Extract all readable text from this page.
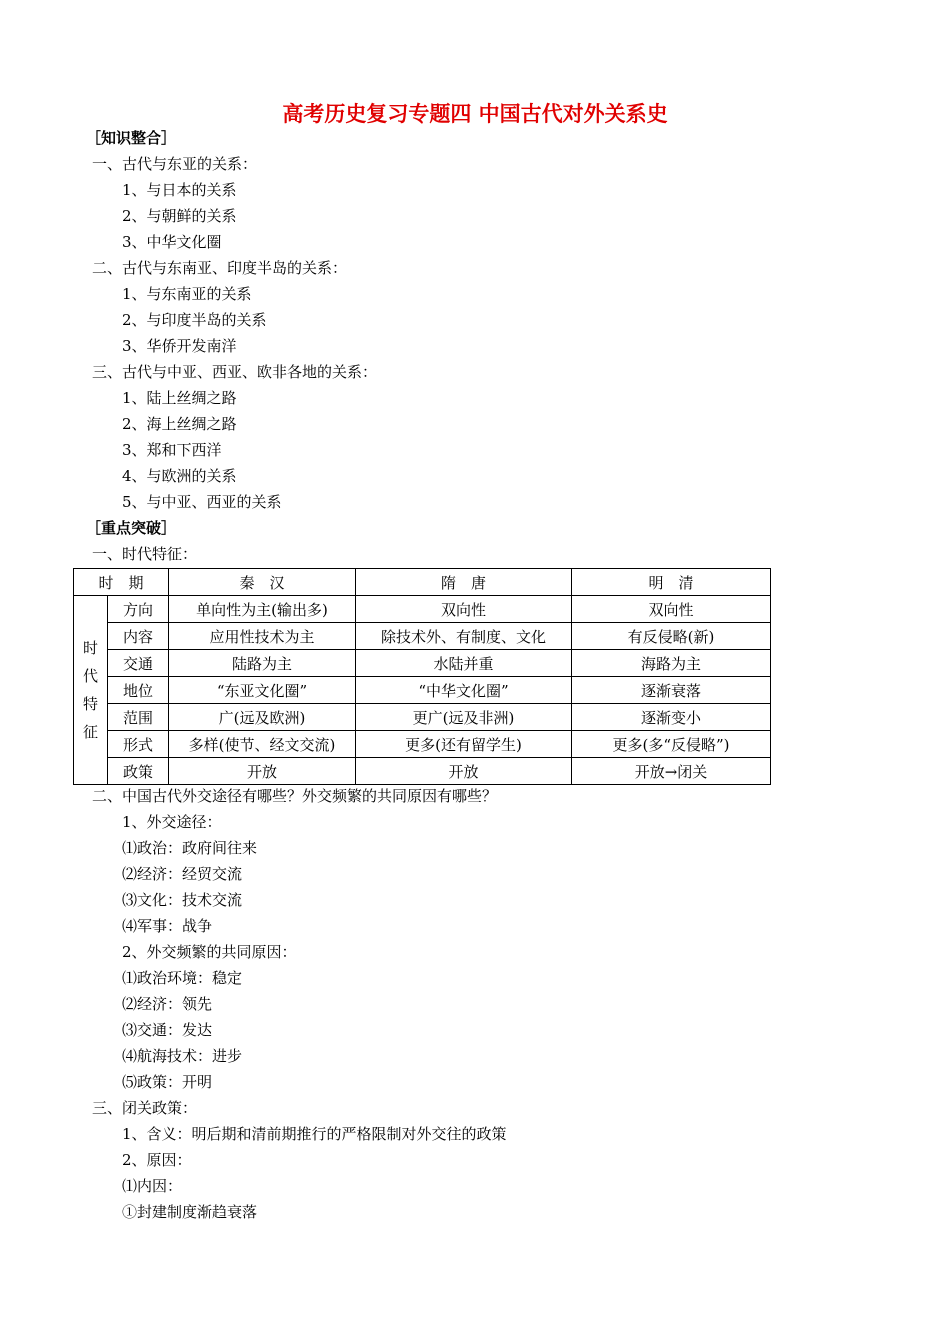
高考历史复习专题四 中国古代对外关系史
［知识整合］
一、古代与东亚的关系：
1、与日本的关系
2、与朝鲜的关系
3、中华文化圈
二、古代与东南亚、印度半岛的关系：
1、与东南亚的关系
2、与印度半岛的关系
3、华侨开发南洋
三、古代与中亚、西亚、欧非各地的关系：
1、陆上丝绸之路
2、海上丝绸之路
3、郑和下西洋
4、与欧洲的关系
5、与中亚、西亚的关系
［重点突破］
一、时代特征：
时　期		秦　汉	隋　唐	明　清

时
代
特
征	方向	单向性为主(输出多)	双向性	双向性
	内容	应用性技术为主	除技术外、有制度、文化	有反侵略(新)
	交通	陆路为主	水陆并重	海路为主
	地位	“东亚文化圈”	“中华文化圈”	逐渐衰落
	范围	广(远及欧洲)	更广(远及非洲)	逐渐变小
	形式	多样(使节、经文交流)	更多(还有留学生)	更多(多“反侵略”)
	政策	开放	开放	开放→闭关
二、中国古代外交途径有哪些？外交频繁的共同原因有哪些？
1、外交途径：
⑴政治：政府间往来
⑵经济：经贸交流
⑶文化：技术交流
⑷军事：战争
2、外交频繁的共同原因：
⑴政治环境：稳定
⑵经济：领先
⑶交通：发达
⑷航海技术：进步
⑸政策：开明
三、闭关政策：
1、含义：明后期和清前期推行的严格限制对外交往的政策
2、原因：
⑴内因：
①封建制度渐趋衰落
